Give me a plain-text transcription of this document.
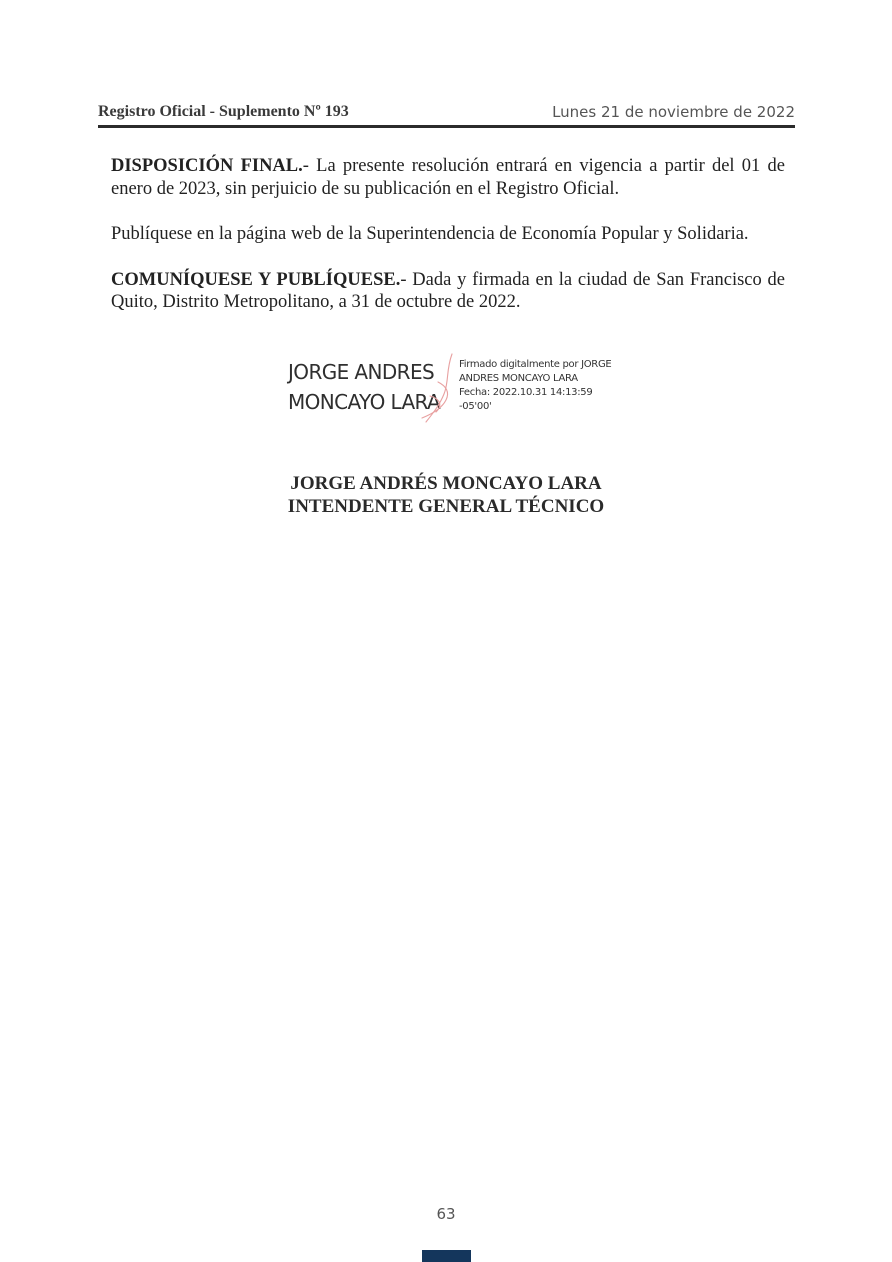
Registro Oficial - Suplemento Nº 193	Lunes 21 de noviembre de 2022

DISPOSICIÓN FINAL.- La presente resolución entrará en vigencia a partir del 01 de enero de 2023, sin perjuicio de su publicación en el Registro Oficial.

Publíquese en la página web de la Superintendencia de Economía Popular y Solidaria.

COMUNÍQUESE Y PUBLÍQUESE.- Dada y firmada en la ciudad de San Francisco de Quito, Distrito Metropolitano, a 31 de octubre de 2022.

JORGE ANDRES
MONCAYO LARA
Firmado digitalmente por JORGE
ANDRES MONCAYO LARA
Fecha: 2022.10.31 14:13:59
-05'00'
JORGE ANDRÉS MONCAYO LARA
INTENDENTE GENERAL TÉCNICO
63
